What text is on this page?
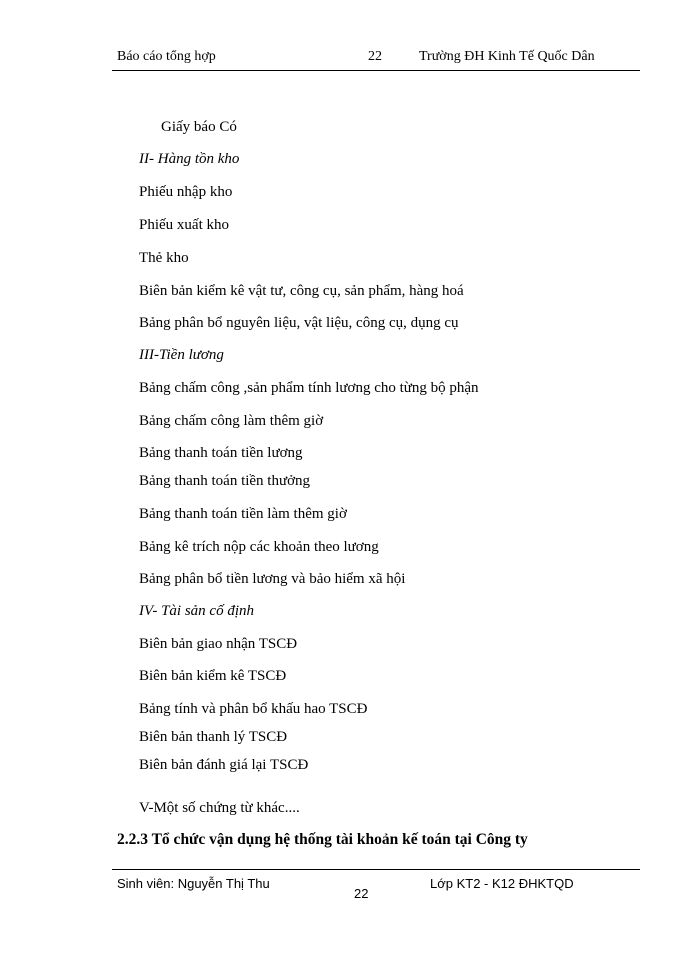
Báo cáo tổng hợp	22	Trường ĐH Kinh Tế Quốc Dân
Giấy báo Có
II- Hàng tồn kho
Phiếu nhập kho
Phiếu xuất kho
Thẻ kho
Biên bản kiểm kê vật tư, công cụ, sản phẩm, hàng hoá
Bảng phân bổ nguyên liệu, vật liệu, công cụ, dụng cụ
III-Tiền lương
Bảng chấm công ,sản phẩm tính lương cho từng bộ phận
Bảng chấm công làm thêm giờ
Bảng thanh toán tiền lương
Bảng thanh toán tiền thưởng
Bảng thanh toán tiền làm thêm giờ
Bảng kê trích nộp các khoản theo lương
Bảng phân bổ tiền lương và bảo hiểm xã hội
IV- Tài sản cố định
Biên bản giao nhận TSCĐ
Biên bản kiểm kê TSCĐ
Bảng tính và phân bổ khấu hao TSCĐ
Biên bản thanh lý TSCĐ
Biên bản đánh giá lại TSCĐ
V-Một số chứng từ khác....
2.2.3 Tổ chức vận dụng hệ thống tài khoản kế toán tại Công ty
Sinh viên: Nguyễn Thị Thu
22
Lớp KT2 - K12 ĐHKTQD
